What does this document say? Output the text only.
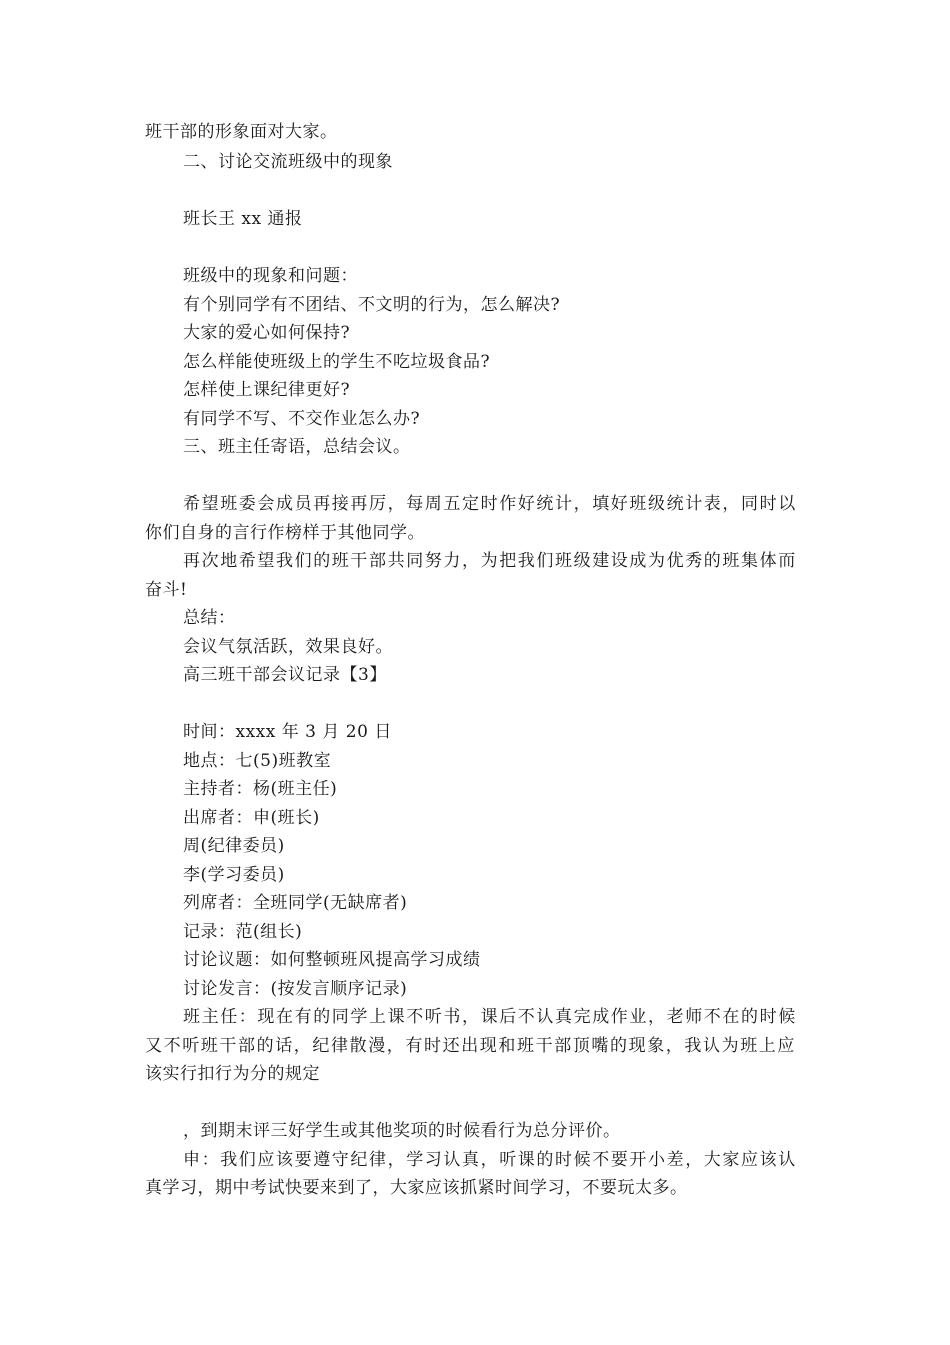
班干部的形象面对大家。
二、讨论交流班级中的现象
班长王 xx 通报
班级中的现象和问题：
有个别同学有不团结、不文明的行为，怎么解决?
大家的爱心如何保持?
怎么样能使班级上的学生不吃垃圾食品?
怎样使上课纪律更好?
有同学不写、不交作业怎么办?
三、班主任寄语，总结会议。
希望班委会成员再接再厉，每周五定时作好统计，填好班级统计表，同时以
你们自身的言行作榜样于其他同学。
再次地希望我们的班干部共同努力，为把我们班级建设成为优秀的班集体而
奋斗!
总结：
会议气氛活跃，效果良好。
高三班干部会议记录【3】
时间：xxxx 年 3 月 20 日
地点：七(5)班教室
主持者：杨(班主任)
出席者：申(班长)
周(纪律委员)
李(学习委员)
列席者：全班同学(无缺席者)
记录：范(组长)
讨论议题：如何整顿班风提高学习成绩
讨论发言：(按发言顺序记录)
班主任：现在有的同学上课不听书，课后不认真完成作业，老师不在的时候
又不听班干部的话，纪律散漫，有时还出现和班干部顶嘴的现象，我认为班上应
该实行扣行为分的规定
，到期末评三好学生或其他奖项的时候看行为总分评价。
申：我们应该要遵守纪律，学习认真，听课的时候不要开小差，大家应该认
真学习，期中考试快要来到了，大家应该抓紧时间学习，不要玩太多。
